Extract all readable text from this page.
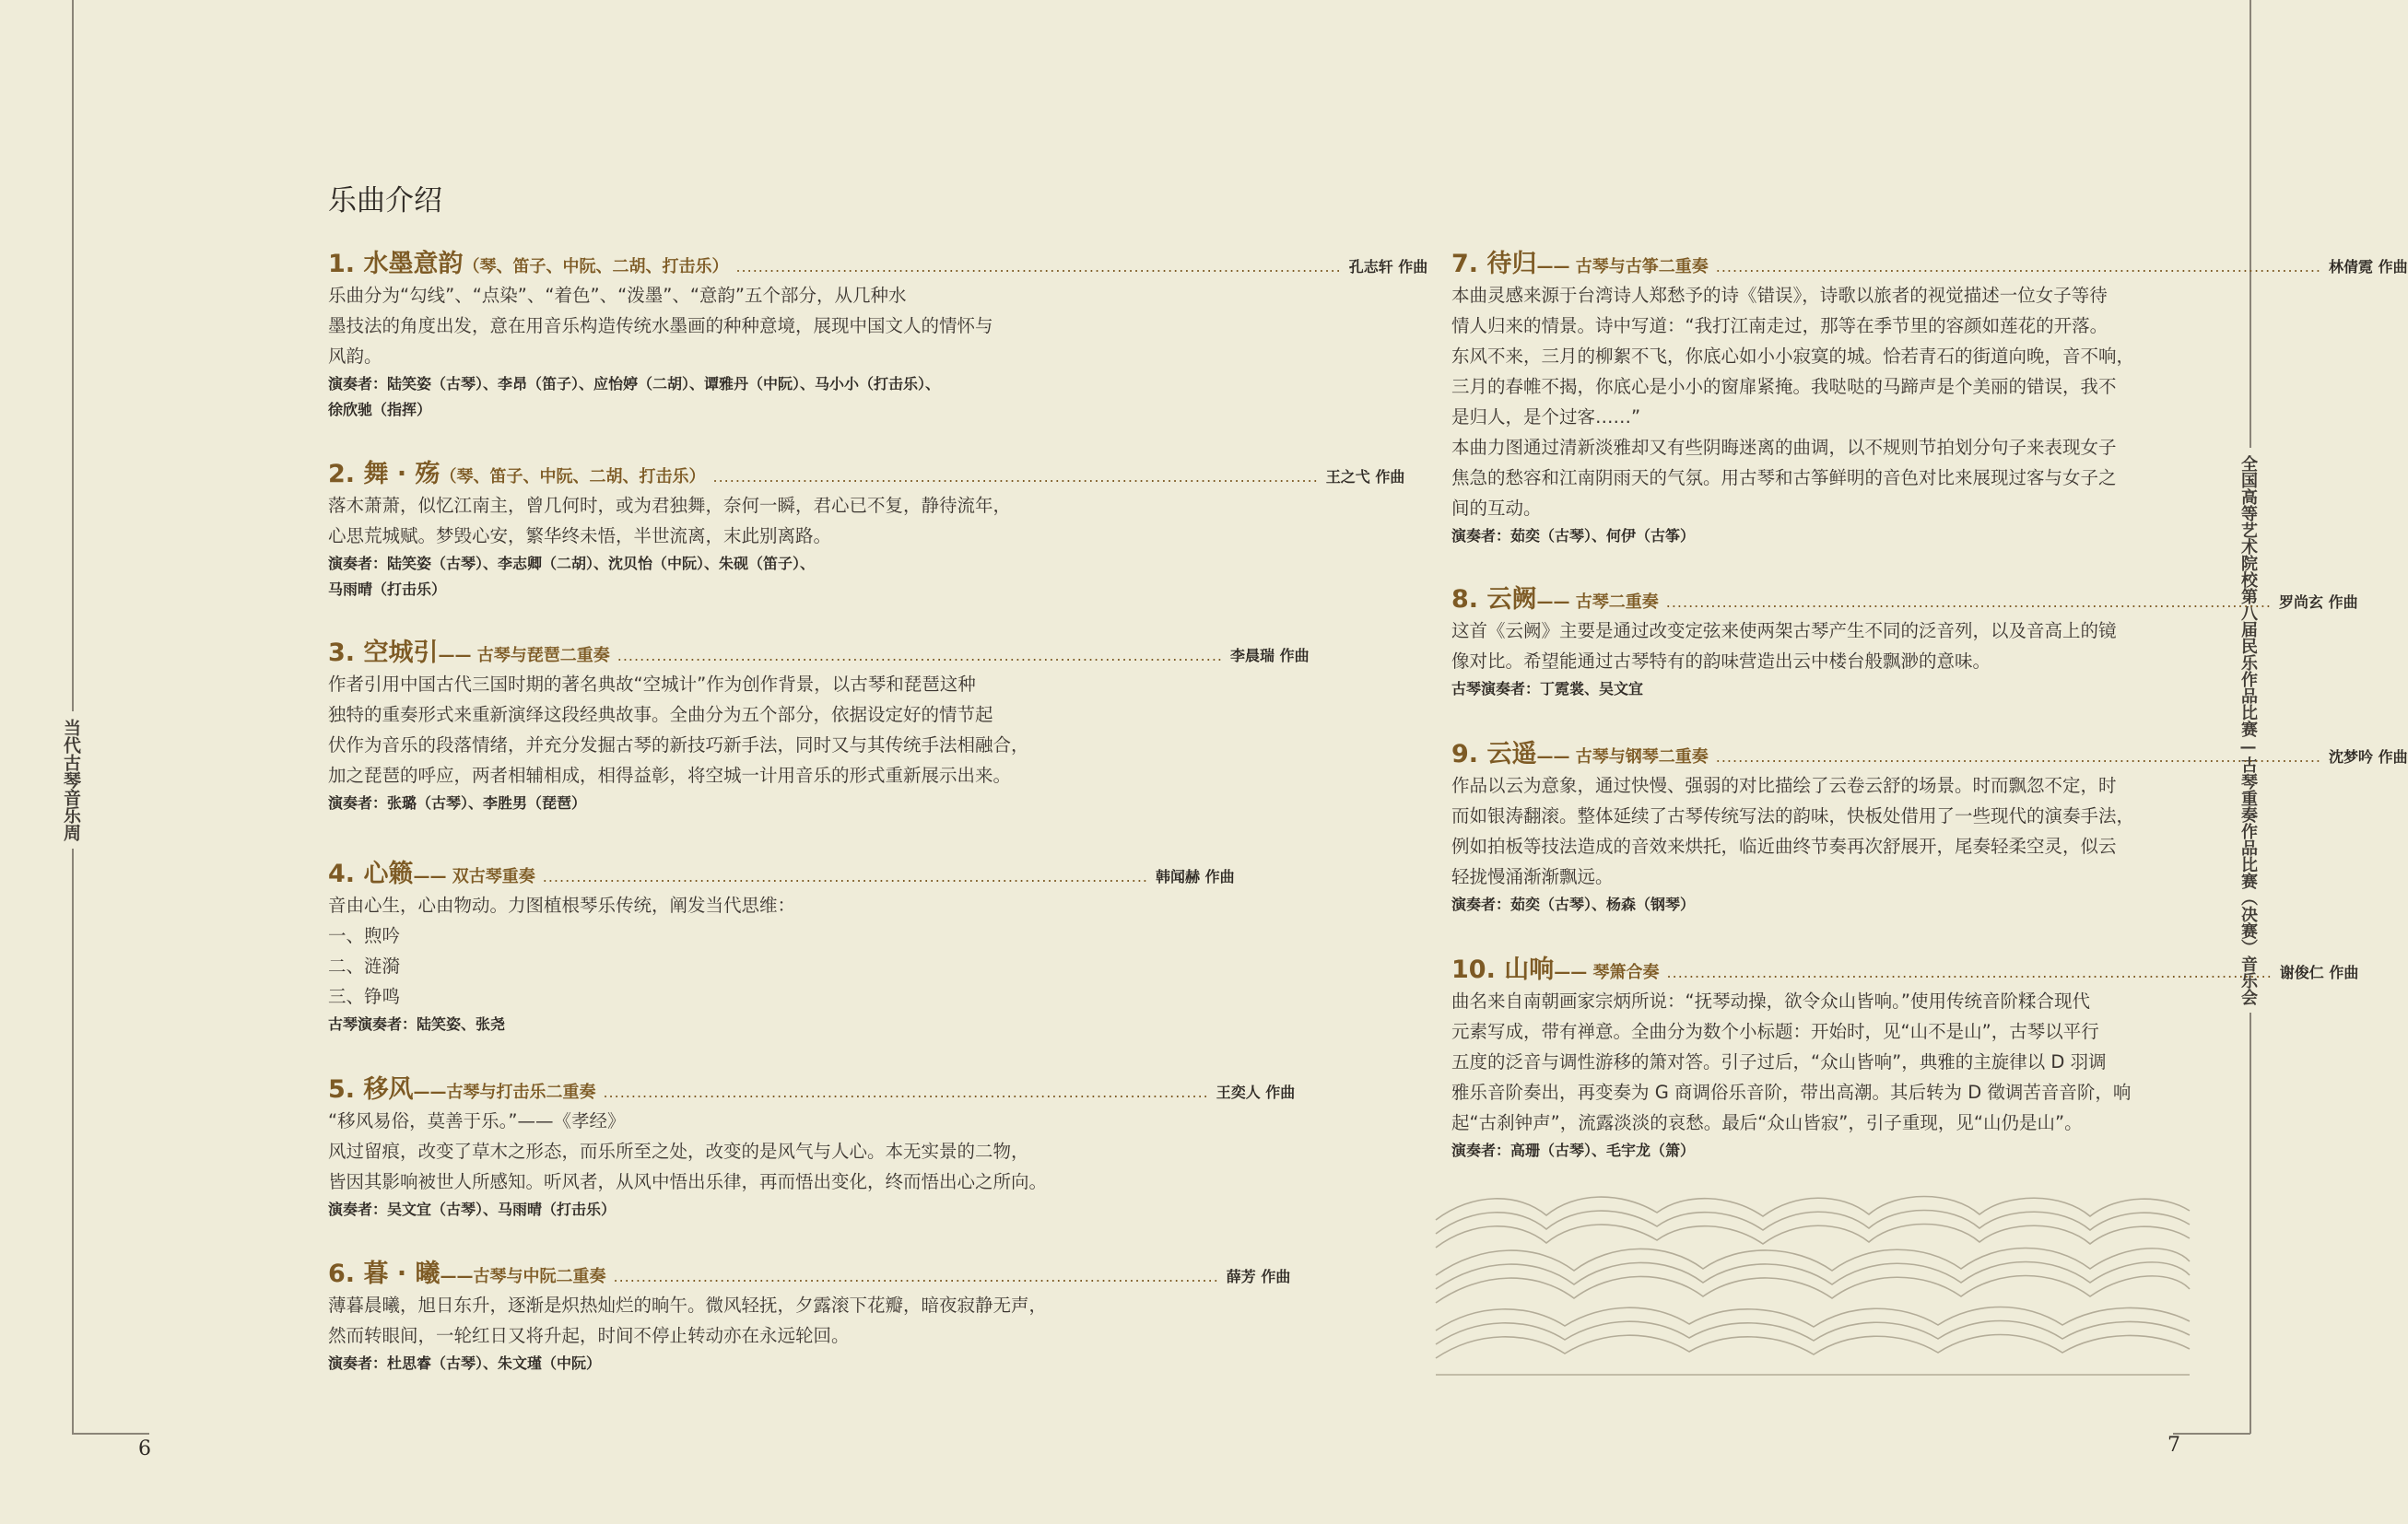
当代古琴音乐周	全国高等艺术院校第八届民乐作品比赛—古琴重奏作品比赛（决赛）音乐会
6	7
乐曲介绍
1. 水墨意韵 （琴、笛子、中阮、二胡、打击乐） ............................................................................................................ 孔志轩 作曲
乐曲分为“勾线”、“点染”、“着色”、“泼墨”、“意韵”五个部分，从几种水
墨技法的角度出发，意在用音乐构造传统水墨画的种种意境，展现中国文人的情怀与
风韵。
演奏者：陆笑姿（古琴）、李昂（笛子）、应怡婷（二胡）、谭雅丹（中阮）、马小小（打击乐）、
徐欣驰（指挥）
2. 舞 · 殇 （琴、笛子、中阮、二胡、打击乐） ............................................................................................................ 王之弋 作曲
落木萧萧，似忆江南主，曾几何时，或为君独舞，奈何一瞬，君心已不复，静待流年，
心思荒城赋。梦毁心安，繁华终未悟，半世流离，末此别离路。
演奏者：陆笑姿（古琴）、李志卿（二胡）、沈贝怡（中阮）、朱砚（笛子）、
马雨晴（打击乐）
3. 空城引 —— 古琴与琵琶二重奏 ............................................................................................................ 李晨瑞 作曲
作者引用中国古代三国时期的著名典故“空城计”作为创作背景，以古琴和琵琶这种
独特的重奏形式来重新演绎这段经典故事。全曲分为五个部分，依据设定好的情节起
伏作为音乐的段落情绪，并充分发掘古琴的新技巧新手法，同时又与其传统手法相融合，
加之琵琶的呼应，两者相辅相成，相得益彰，将空城一计用音乐的形式重新展示出来。
演奏者：张璐（古琴）、李胜男（琵琶）
4. 心籁 —— 双古琴重奏 ............................................................................................................ 韩闻赫 作曲
音由心生，心由物动。力图植根琴乐传统，阐发当代思维：
一、煦吟
二、涟漪
三、铮鸣
古琴演奏者：陆笑姿、张尧
5. 移风 ——古琴与打击乐二重奏 ............................................................................................................ 王奕人 作曲
“移风易俗，莫善于乐。”——《孝经》
风过留痕，改变了草木之形态，而乐所至之处，改变的是风气与人心。本无实景的二物，
皆因其影响被世人所感知。听风者，从风中悟出乐律，再而悟出变化，终而悟出心之所向。
演奏者：吴文宜（古琴）、马雨晴（打击乐）
6. 暮 · 曦 ——古琴与中阮二重奏 ............................................................................................................ 薛芳 作曲
薄暮晨曦，旭日东升，逐渐是炽热灿烂的晌午。微风轻抚，夕露滚下花瓣，暗夜寂静无声，
然而转眼间，一轮红日又将升起，时间不停止转动亦在永远轮回。
演奏者：杜思睿（古琴）、朱文瑾（中阮）
7. 待归 —— 古琴与古筝二重奏 ............................................................................................................ 林倩霓 作曲
本曲灵感来源于台湾诗人郑愁予的诗《错误》，诗歌以旅者的视觉描述一位女子等待
情人归来的情景。诗中写道：“我打江南走过，那等在季节里的容颜如莲花的开落。
东风不来，三月的柳絮不飞，你底心如小小寂寞的城。恰若青石的街道向晚，音不响，
三月的春帷不揭，你底心是小小的窗扉紧掩。我哒哒的马蹄声是个美丽的错误，我不
是归人，是个过客……”
本曲力图通过清新淡雅却又有些阴晦迷离的曲调，以不规则节拍划分句子来表现女子
焦急的愁容和江南阴雨天的气氛。用古琴和古筝鲜明的音色对比来展现过客与女子之
间的互动。
演奏者：茹奕（古琴）、何伊（古筝）
8. 云阙 —— 古琴二重奏 ............................................................................................................ 罗尚玄 作曲
这首《云阙》主要是通过改变定弦来使两架古琴产生不同的泛音列，以及音高上的镜
像对比。希望能通过古琴特有的韵味营造出云中楼台般飘渺的意味。
古琴演奏者：丁霓裳、吴文宜
9. 云遥 —— 古琴与钢琴二重奏 ............................................................................................................ 沈梦吟 作曲
作品以云为意象，通过快慢、强弱的对比描绘了云卷云舒的场景。时而飘忽不定，时
而如银涛翻滚。整体延续了古琴传统写法的韵味，快板处借用了一些现代的演奏手法，
例如拍板等技法造成的音效来烘托，临近曲终节奏再次舒展开，尾奏轻柔空灵，似云
轻拢慢涌渐渐飘远。
演奏者：茹奕（古琴）、杨森（钢琴）
10. 山响 —— 琴箫合奏 ............................................................................................................ 谢俊仁 作曲
曲名来自南朝画家宗炳所说：“抚琴动操，欲令众山皆响。”使用传统音阶糅合现代
元素写成，带有禅意。全曲分为数个小标题：开始时，见“山不是山”，古琴以平行
五度的泛音与调性游移的箫对答。引子过后，“众山皆响”，典雅的主旋律以 D 羽调
雅乐音阶奏出，再变奏为 G 商调俗乐音阶，带出高潮。其后转为 D 徵调苦音音阶，响
起“古刹钟声”，流露淡淡的哀愁。最后“众山皆寂”，引子重现，见“山仍是山”。
演奏者：高珊（古琴）、毛宇龙（箫）
